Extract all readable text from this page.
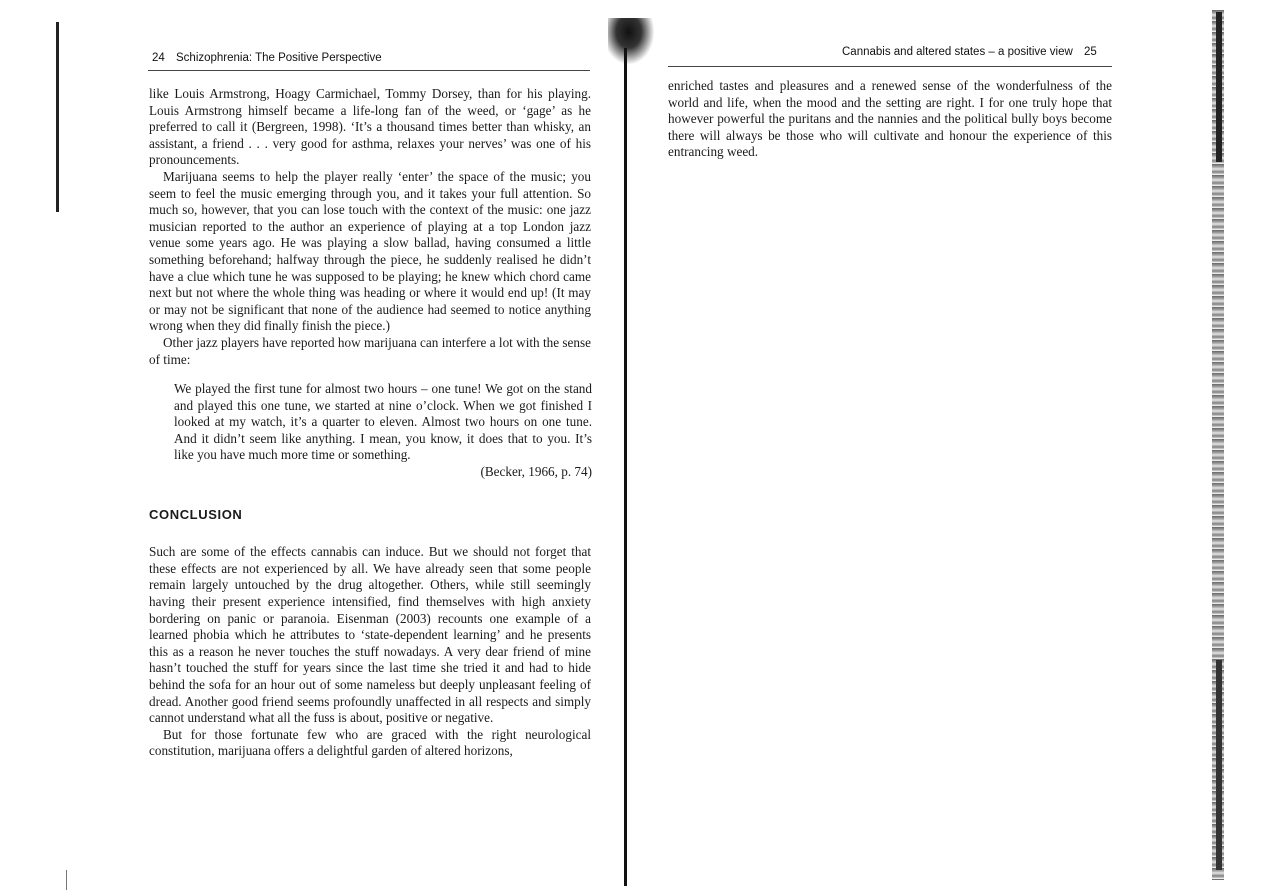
24 Schizophrenia: The Positive Perspective

like Louis Armstrong, Hoagy Carmichael, Tommy Dorsey, than for his playing. Louis Armstrong himself became a life-long fan of the weed, or ‘gage’ as he preferred to call it (Bergreen, 1998). ‘It’s a thousand times better than whisky, an assistant, a friend . . . very good for asthma, relaxes your nerves’ was one of his pronouncements.

Marijuana seems to help the player really ‘enter’ the space of the music; you seem to feel the music emerging through you, and it takes your full attention. So much so, however, that you can lose touch with the context of the music: one jazz musician reported to the author an experience of playing at a top London jazz venue some years ago. He was playing a slow ballad, having consumed a little something beforehand; halfway through the piece, he suddenly realised he didn’t have a clue which tune he was supposed to be playing; he knew which chord came next but not where the whole thing was heading or where it would end up! (It may or may not be significant that none of the audience had seemed to notice anything wrong when they did finally finish the piece.)

Other jazz players have reported how marijuana can interfere a lot with the sense of time:

We played the first tune for almost two hours – one tune! We got on the stand and played this one tune, we started at nine o’clock. When we got finished I looked at my watch, it’s a quarter to eleven. Almost two hours on one tune. And it didn’t seem like anything. I mean, you know, it does that to you. It’s like you have much more time or something.

(Becker, 1966, p. 74)

CONCLUSION

Such are some of the effects cannabis can induce. But we should not forget that these effects are not experienced by all. We have already seen that some people remain largely untouched by the drug altogether. Others, while still seemingly having their present experience intensified, find themselves with high anxiety bordering on panic or paranoia. Eisenman (2003) recounts one example of a learned phobia which he attributes to ‘state-dependent learning’ and he presents this as a reason he never touches the stuff nowadays. A very dear friend of mine hasn’t touched the stuff for years since the last time she tried it and had to hide behind the sofa for an hour out of some nameless but deeply unpleasant feeling of dread. Another good friend seems profoundly unaffected in all respects and simply cannot understand what all the fuss is about, positive or negative.

But for those fortunate few who are graced with the right neurological constitution, marijuana offers a delightful garden of altered horizons,

Cannabis and altered states – a positive view 25

enriched tastes and pleasures and a renewed sense of the wonderfulness of the world and life, when the mood and the setting are right. I for one truly hope that however powerful the puritans and the nannies and the political bully boys become there will always be those who will cultivate and honour the experience of this entrancing weed.
